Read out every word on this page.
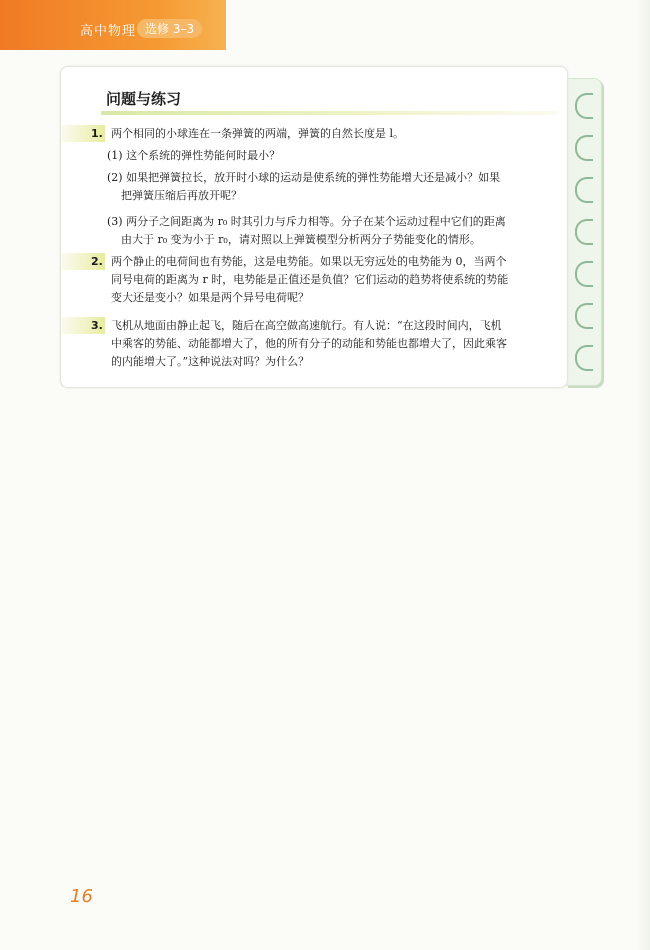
高中物理 选修 3–3
问题与练习
1. 两个相同的小球连在一条弹簧的两端，弹簧的自然长度是 l。

(1) 这个系统的弹性势能何时最小？

(2) 如果把弹簧拉长，放开时小球的运动是使系统的弹性势能增大还是减小？如果

把弹簧压缩后再放开呢？

(3) 两分子之间距离为 r₀ 时其引力与斥力相等。分子在某个运动过程中它们的距离

由大于 r₀ 变为小于 r₀，请对照以上弹簧模型分析两分子势能变化的情形。

2. 两个静止的电荷间也有势能，这是电势能。如果以无穷远处的电势能为 0，当两个

同号电荷的距离为 r 时，电势能是正值还是负值？它们运动的趋势将使系统的势能

变大还是变小？如果是两个异号电荷呢？

3. 飞机从地面由静止起飞，随后在高空做高速航行。有人说：“在这段时间内，飞机

中乘客的势能、动能都增大了，他的所有分子的动能和势能也都增大了，因此乘客

的内能增大了。”这种说法对吗？为什么？

16
